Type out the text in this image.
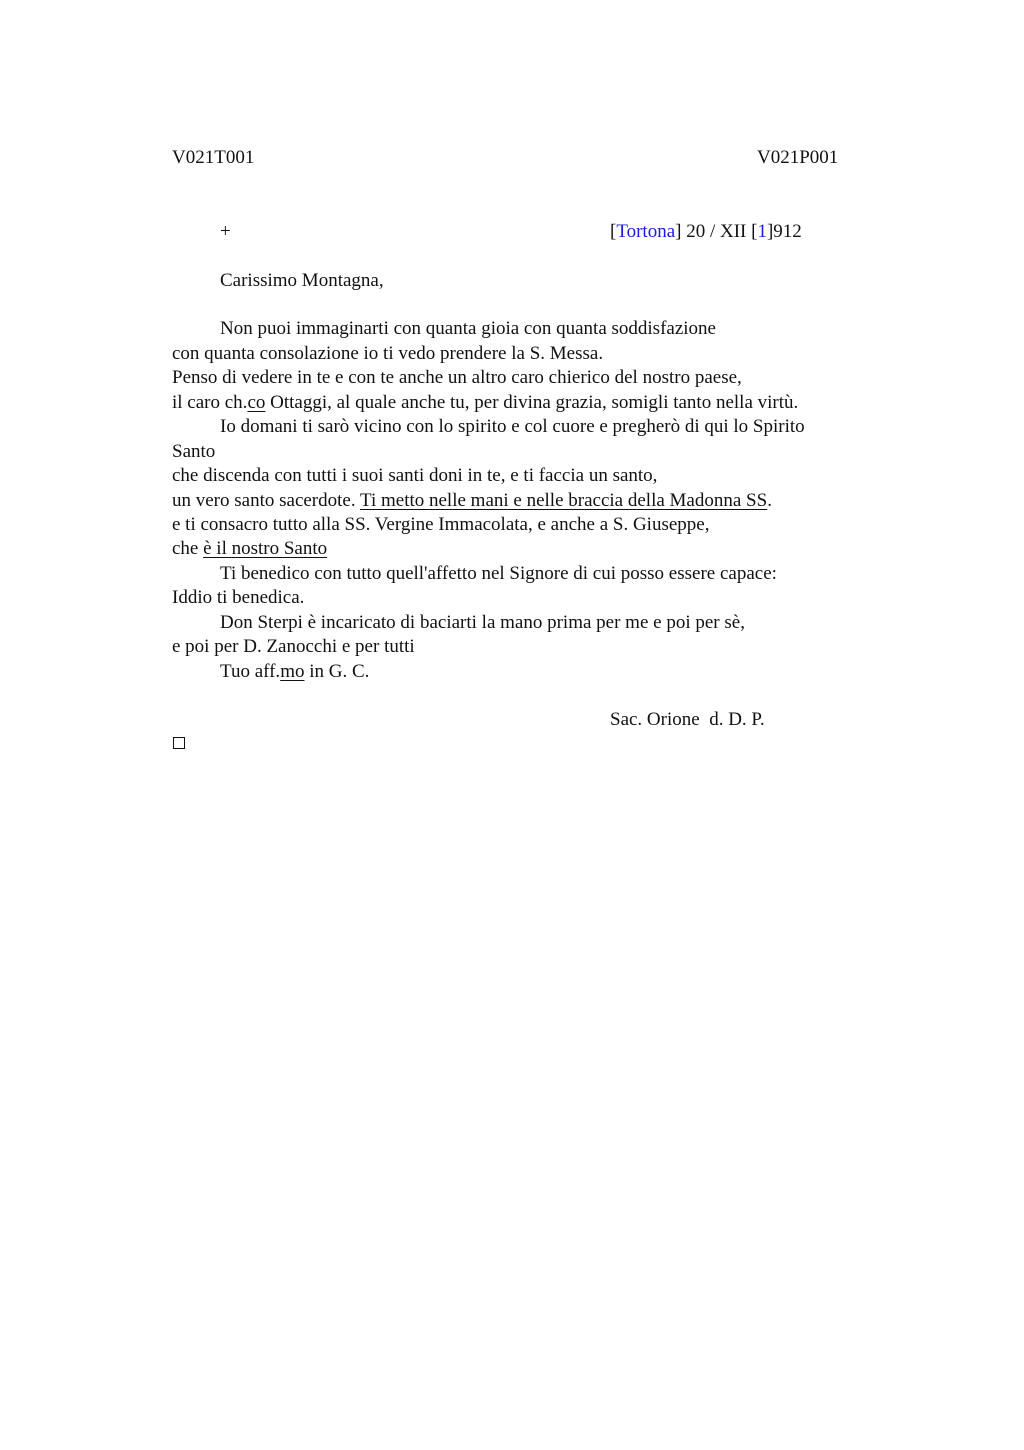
V021T001	V021P001
+	[Tortona] 20 / XII [1]912
Carissimo Montagna,
Non puoi immaginarti con quanta gioia con quanta soddisfazione
con quanta consolazione io ti vedo prendere la S. Messa.
Penso di vedere in te e con te anche un altro caro chierico del nostro paese,
il caro ch.co Ottaggi, al quale anche tu, per divina grazia, somigli tanto nella virtù.
Io domani ti sarò vicino con lo spirito e col cuore e pregherò di qui lo Spirito
Santo
che discenda con tutti i suoi santi doni in te, e ti faccia un santo,
un vero santo sacerdote. Ti metto nelle mani e nelle braccia della Madonna SS.
e ti consacro tutto alla SS. Vergine Immacolata, e anche a S. Giuseppe,
che è il nostro Santo
Ti benedico con tutto quell'affetto nel Signore di cui posso essere capace:
Iddio ti benedica.
Don Sterpi è incaricato di baciarti la mano prima per me e poi per sè,
e poi per D. Zanocchi e per tutti
Tuo aff.mo in G. C.
Sac. Orione  d. D. P.
